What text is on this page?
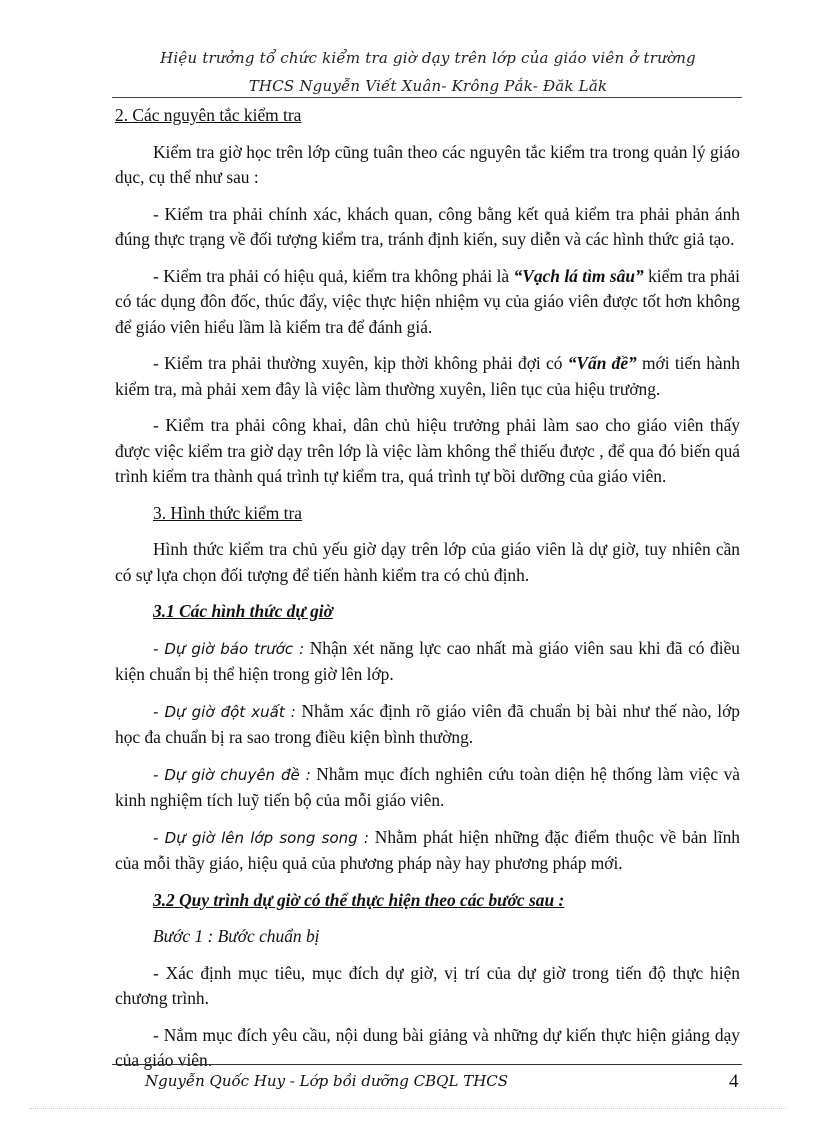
Hiệu trưởng tổ chức kiểm tra giờ dạy trên lớp của giáo viên ở trường
THCS Nguyễn Viết Xuân- Krông Pắk- Đăk Lăk

2. Các nguyên tắc kiểm tra

Kiểm tra giờ học trên lớp cũng tuân theo các nguyên tắc kiểm tra trong quản lý giáo dục, cụ thể như sau :

- Kiểm tra phải chính xác, khách quan, công bằng kết quả kiểm tra phải phản ánh đúng thực trạng về đối tượng kiểm tra, tránh định kiến, suy diễn và các hình thức giả tạo.

- Kiểm tra phải có hiệu quả, kiểm tra không phải là “Vạch lá tìm sâu” kiểm tra phải có tác dụng đôn đốc, thúc đẩy, việc thực hiện nhiệm vụ của giáo viên được tốt hơn không để giáo viên hiểu lầm là kiểm tra để đánh giá.

- Kiểm tra phải thường xuyên, kịp thời không phải đợi có “Vấn đề” mới tiến hành kiểm tra, mà phải xem đây là việc làm thường xuyên, liên tục của hiệu trưởng.

- Kiểm tra phải công khai, dân chủ hiệu trưởng phải làm sao cho giáo viên thấy được việc kiểm tra giờ dạy trên lớp là việc làm không thể thiếu được , để qua đó biến quá trình kiểm tra thành quá trình tự kiểm tra, quá trình tự bồi dưỡng của giáo viên.

3. Hình thức kiểm tra

Hình thức kiểm tra chủ yếu giờ dạy trên lớp của giáo viên là dự giờ, tuy nhiên cần có sự lựa chọn đối tượng để tiến hành kiểm tra có chủ định.

3.1 Các hình thức dự giờ

- Dự giờ báo trước : Nhận xét năng lực cao nhất mà giáo viên sau khi đã có điều kiện chuẩn bị thể hiện trong giờ lên lớp.

- Dự giờ đột xuất : Nhằm xác định rõ giáo viên đã chuẩn bị bài như thế nào, lớp học đa chuẩn bị ra sao trong điều kiện bình thường.

- Dự giờ chuyên đề : Nhằm mục đích nghiên cứu toàn diện hệ thống làm việc và kinh nghiệm tích luỹ tiến bộ của mỗi giáo viên.

- Dự giờ lên lớp song song : Nhằm phát hiện những đặc điểm thuộc về bản lĩnh của mỗi thầy giáo, hiệu quả của phương pháp này hay phương pháp mới.

3.2 Quy trình dự giờ có thể thực hiện theo các bước sau :

Bước 1 : Bước chuẩn bị

- Xác định mục tiêu, mục đích dự giờ, vị trí của dự giờ trong tiến độ thực hiện chương trình.

- Nắm mục đích yêu cầu, nội dung bài giảng và những dự kiến thực hiện giảng dạy của giáo viên.

Nguyễn Quốc Huy - Lớp bồi dưỡng CBQL THCS	4
